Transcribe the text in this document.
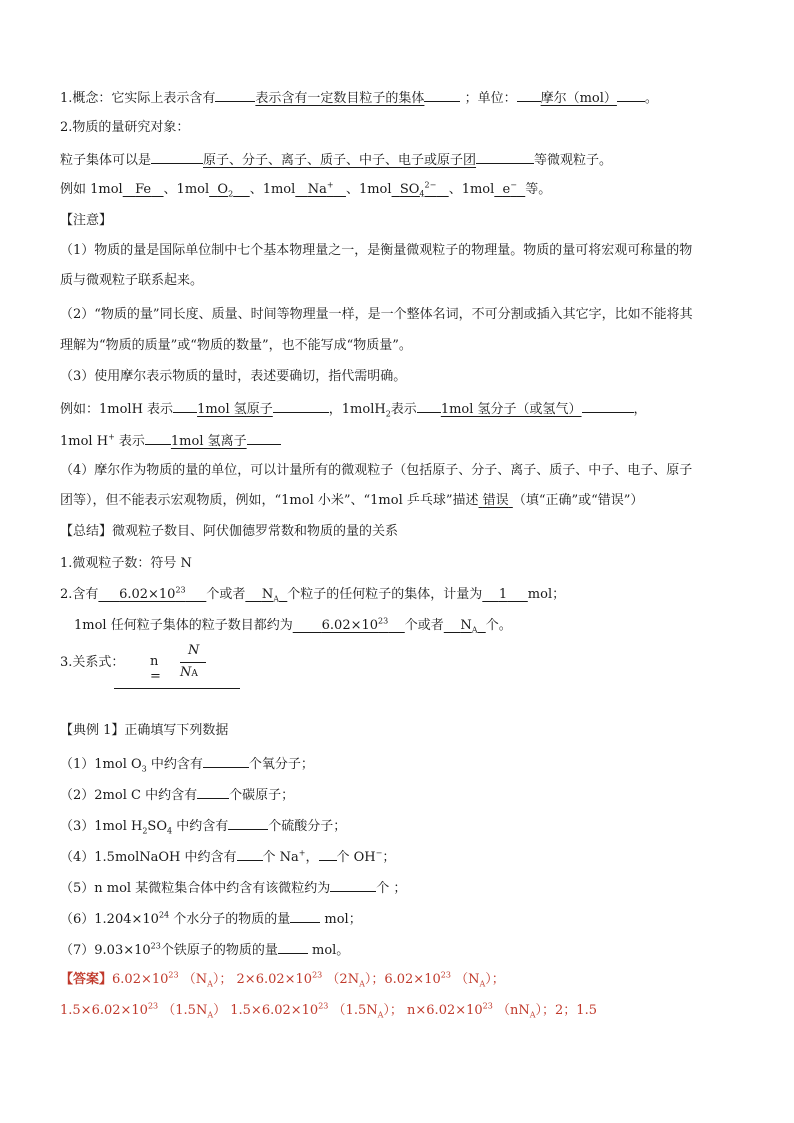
1.概念：它实际上表示含有	表示含有一定数目粒子的集体	；单位： 摩尔（mol） 。
2.物质的量研究对象：
粒子集体可以是	原子、分子、离子、质子、中子、电子或原子团	等微观粒子。
例如 1mol Fe 、1mol $O_2$ 、1mol Na+ 、1mol $SO_4^{2-}$ 、1mol e− 等。
【注意】
（1）物质的量是国际单位制中七个基本物理量之一，是衡量微观粒子的物理量。物质的量可将宏观可称量的物
质与微观粒子联系起来。
（2）“物质的量”同长度、质量、时间等物理量一样，是一个整体名词，不可分割或插入其它字，比如不能将其
理解为“物质的质量”或“物质的数量”，也不能写成“物质量”。
（3）使用摩尔表示物质的量时，表述要确切，指代需明确。
例如：1molH 表示 1mol 氢原子	，1molH$_2$表示 1mol 氢分子（或氢气）	，
1mol H+ 表示 1mol 氢离子
（4）摩尔作为物质的量的单位，可以计量所有的微观粒子（包括原子、分子、离子、质子、中子、电子、原子
团等），但不能表示宏观物质，例如，“1mol 小米”、“1mol 乒乓球”描述 错误 （填“正确”或“错误”）
【总结】微观粒子数目、阿伏伽德罗常数和物质的量的关系
1.微观粒子数：符号 N
2.含有 $6.02\times 10^{23}$ 个或者 $N_A$ 个粒子的任何粒子的集体，计量为 1 mol；
1mol 任何粒子集体的粒子数目都约为 $6.02\times 10^{23}$ 个或者 $N_A$ 个。
3.关系式： n =
N
NA
【典例 1】正确填写下列数据
（1）1mol $O_3$ 中约含有	个氧分子；
（2）2mol C 中约含有 个碳原子；
（3）1mol $H_2SO_4$ 中约含有	个硫酸分子；
（4）1.5molNaOH 中约含有 个 Na+， 个 OH−；
（5）n mol 某微粒集合体中约含有该微粒约为	个 ；
$(6)1.204\times 10^{24}$ 个水分子的物质的量 mol；
$(7)9.03\times 10^{23}$个铁原子的物质的量 mol。
【答案】$6.02\times 10^{23}$ $(N_A)$； $2\times 6.02\times 10^{23}$ $(2N_A)$；$6.02\times 10^{23}$ $(N_A)$；
$1.5\times 6.02\times 10^{23}$ $(1.5N_A)$ $1.5\times 6.02\times 10^{23}$ $(1.5N_A)$； $n\times 6.02\times 10^{23}$ $(nN_A)$；2；1.5
